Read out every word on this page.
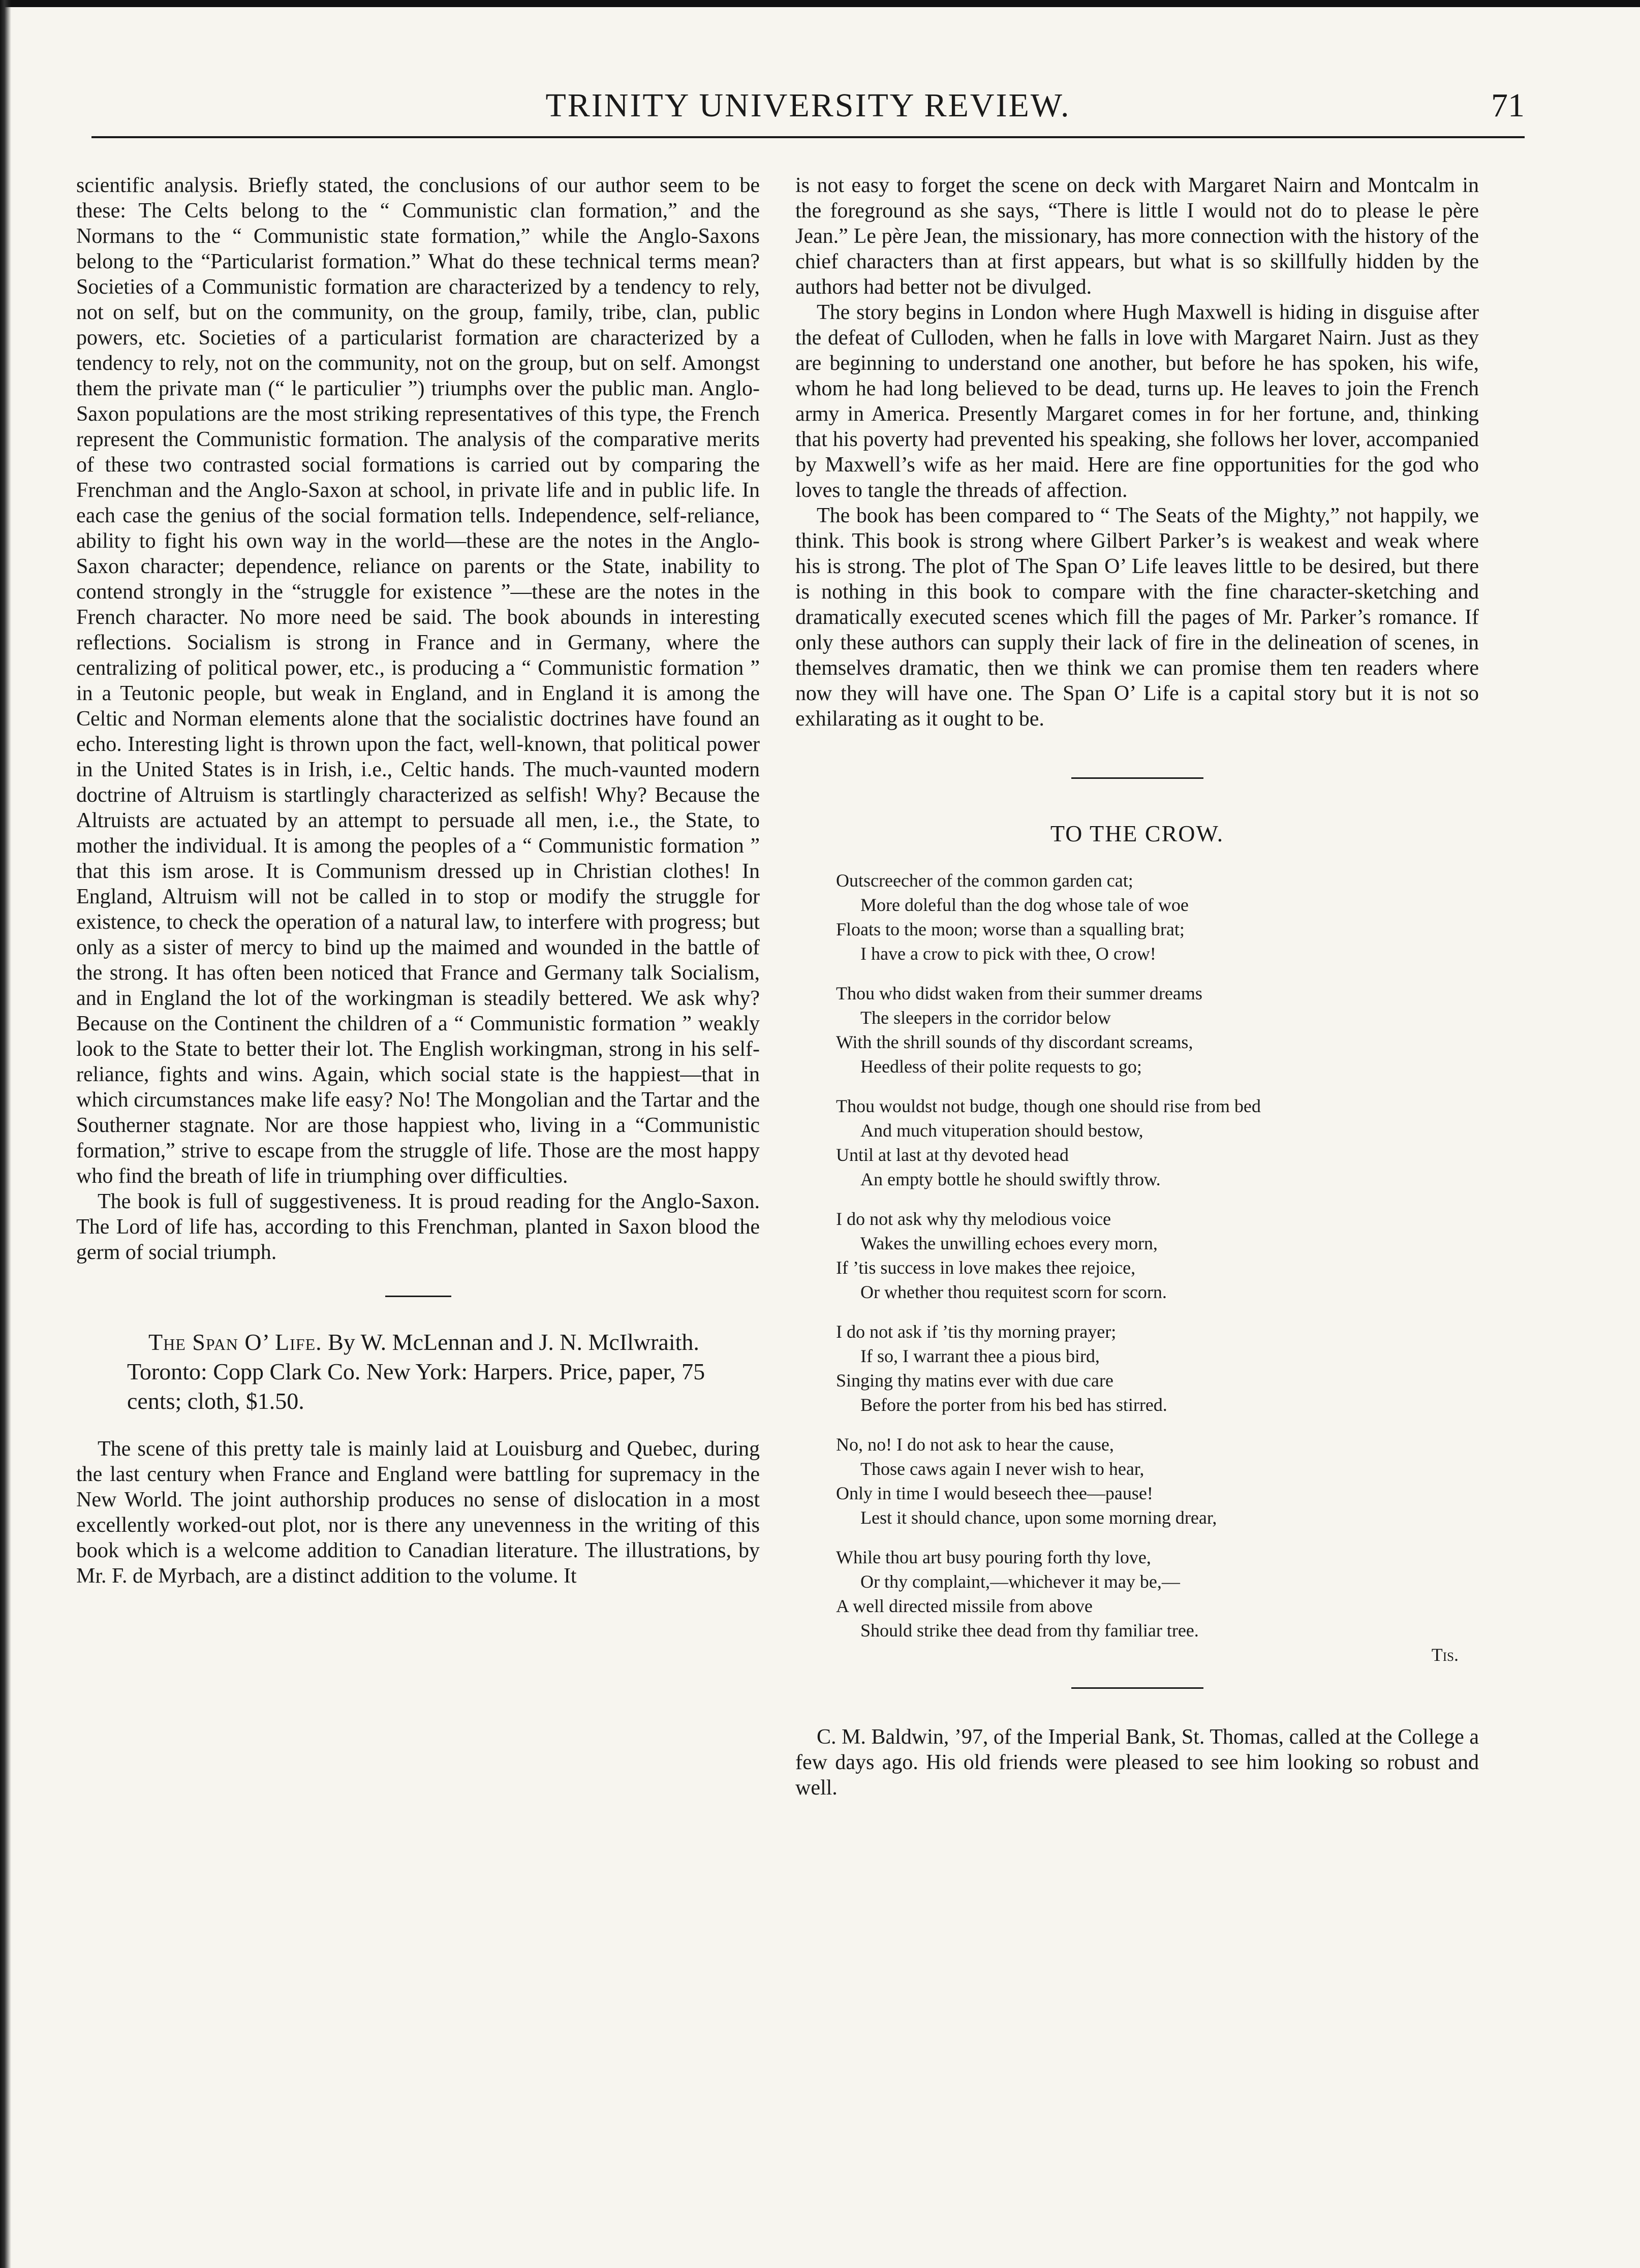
TRINITY UNIVERSITY REVIEW.	71

scientific analysis. Briefly stated, the conclusions of our author seem to be these: The Celts belong to the “ Communistic clan formation,” and the Normans to the “ Communistic state formation,” while the Anglo-Saxons belong to the “Particularist formation.” What do these technical terms mean? Societies of a Communistic formation are characterized by a tendency to rely, not on self, but on the community, on the group, family, tribe, clan, public powers, etc. Societies of a particularist formation are characterized by a tendency to rely, not on the community, not on the group, but on self. Amongst them the private man (“ le particulier ”) triumphs over the public man. Anglo-Saxon populations are the most striking representatives of this type, the French represent the Communistic formation. The analysis of the comparative merits of these two contrasted social formations is carried out by comparing the Frenchman and the Anglo-Saxon at school, in private life and in public life. In each case the genius of the social formation tells. Independence, self-reliance, ability to fight his own way in the world—these are the notes in the Anglo-Saxon character; dependence, reliance on parents or the State, inability to contend strongly in the “struggle for existence ”—these are the notes in the French character. No more need be said. The book abounds in interesting reflections. Socialism is strong in France and in Germany, where the centralizing of political power, etc., is producing a “ Communistic formation ” in a Teutonic people, but weak in England, and in England it is among the Celtic and Norman elements alone that the socialistic doctrines have found an echo. Interesting light is thrown upon the fact, well-known, that political power in the United States is in Irish, i.e., Celtic hands. The much-vaunted modern doctrine of Altruism is startlingly characterized as selfish! Why? Because the Altruists are actuated by an attempt to persuade all men, i.e., the State, to mother the individual. It is among the peoples of a “ Communistic formation ” that this ism arose. It is Communism dressed up in Christian clothes! In England, Altruism will not be called in to stop or modify the struggle for existence, to check the operation of a natural law, to interfere with progress; but only as a sister of mercy to bind up the maimed and wounded in the battle of the strong. It has often been noticed that France and Germany talk Socialism, and in England the lot of the workingman is steadily bettered. We ask why? Because on the Continent the children of a “ Communistic formation ” weakly look to the State to better their lot. The English workingman, strong in his self-reliance, fights and wins. Again, which social state is the happiest—that in which circumstances make life easy? No! The Mongolian and the Tartar and the Southerner stagnate. Nor are those happiest who, living in a “Communistic formation,” strive to escape from the struggle of life. Those are the most happy who find the breath of life in triumphing over difficulties.

The book is full of suggestiveness. It is proud reading for the Anglo-Saxon. The Lord of life has, according to this Frenchman, planted in Saxon blood the germ of social triumph.

The Span O’ Life. By W. McLennan and J. N. McIlwraith. Toronto: Copp Clark Co. New York: Harpers. Price, paper, 75 cents; cloth, $1.50.

The scene of this pretty tale is mainly laid at Louisburg and Quebec, during the last century when France and England were battling for supremacy in the New World. The joint authorship produces no sense of dislocation in a most excellently worked-out plot, nor is there any unevenness in the writing of this book which is a welcome addition to Canadian literature. The illustrations, by Mr. F. de Myrbach, are a distinct addition to the volume. It

is not easy to forget the scene on deck with Margaret Nairn and Montcalm in the foreground as she says, “There is little I would not do to please le père Jean.” Le père Jean, the missionary, has more connection with the history of the chief characters than at first appears, but what is so skillfully hidden by the authors had better not be divulged.

The story begins in London where Hugh Maxwell is hiding in disguise after the defeat of Culloden, when he falls in love with Margaret Nairn. Just as they are beginning to understand one another, but before he has spoken, his wife, whom he had long believed to be dead, turns up. He leaves to join the French army in America. Presently Margaret comes in for her fortune, and, thinking that his poverty had prevented his speaking, she follows her lover, accompanied by Maxwell’s wife as her maid. Here are fine opportunities for the god who loves to tangle the threads of affection.

The book has been compared to “ The Seats of the Mighty,” not happily, we think. This book is strong where Gilbert Parker’s is weakest and weak where his is strong. The plot of The Span O’ Life leaves little to be desired, but there is nothing in this book to compare with the fine character-sketching and dramatically executed scenes which fill the pages of Mr. Parker’s romance. If only these authors can supply their lack of fire in the delineation of scenes, in themselves dramatic, then we think we can promise them ten readers where now they will have one. The Span O’ Life is a capital story but it is not so exhilarating as it ought to be.

TO THE CROW.
Outscreecher of the common garden cat;
More doleful than the dog whose tale of woe
Floats to the moon; worse than a squalling brat;
I have a crow to pick with thee, O crow!
Thou who didst waken from their summer dreams
The sleepers in the corridor below
With the shrill sounds of thy discordant screams,
Heedless of their polite requests to go;
Thou wouldst not budge, though one should rise from bed
And much vituperation should bestow,
Until at last at thy devoted head
An empty bottle he should swiftly throw.
I do not ask why thy melodious voice
Wakes the unwilling echoes every morn,
If ’tis success in love makes thee rejoice,
Or whether thou requitest scorn for scorn.
I do not ask if ’tis thy morning prayer;
If so, I warrant thee a pious bird,
Singing thy matins ever with due care
Before the porter from his bed has stirred.
No, no! I do not ask to hear the cause,
Those caws again I never wish to hear,
Only in time I would beseech thee—pause!
Lest it should chance, upon some morning drear,
While thou art busy pouring forth thy love,
Or thy complaint,—whichever it may be,—
A well directed missile from above
Should strike thee dead from thy familiar tree.
Tis.

C. M. Baldwin, ’97, of the Imperial Bank, St. Thomas, called at the College a few days ago. His old friends were pleased to see him looking so robust and well.
